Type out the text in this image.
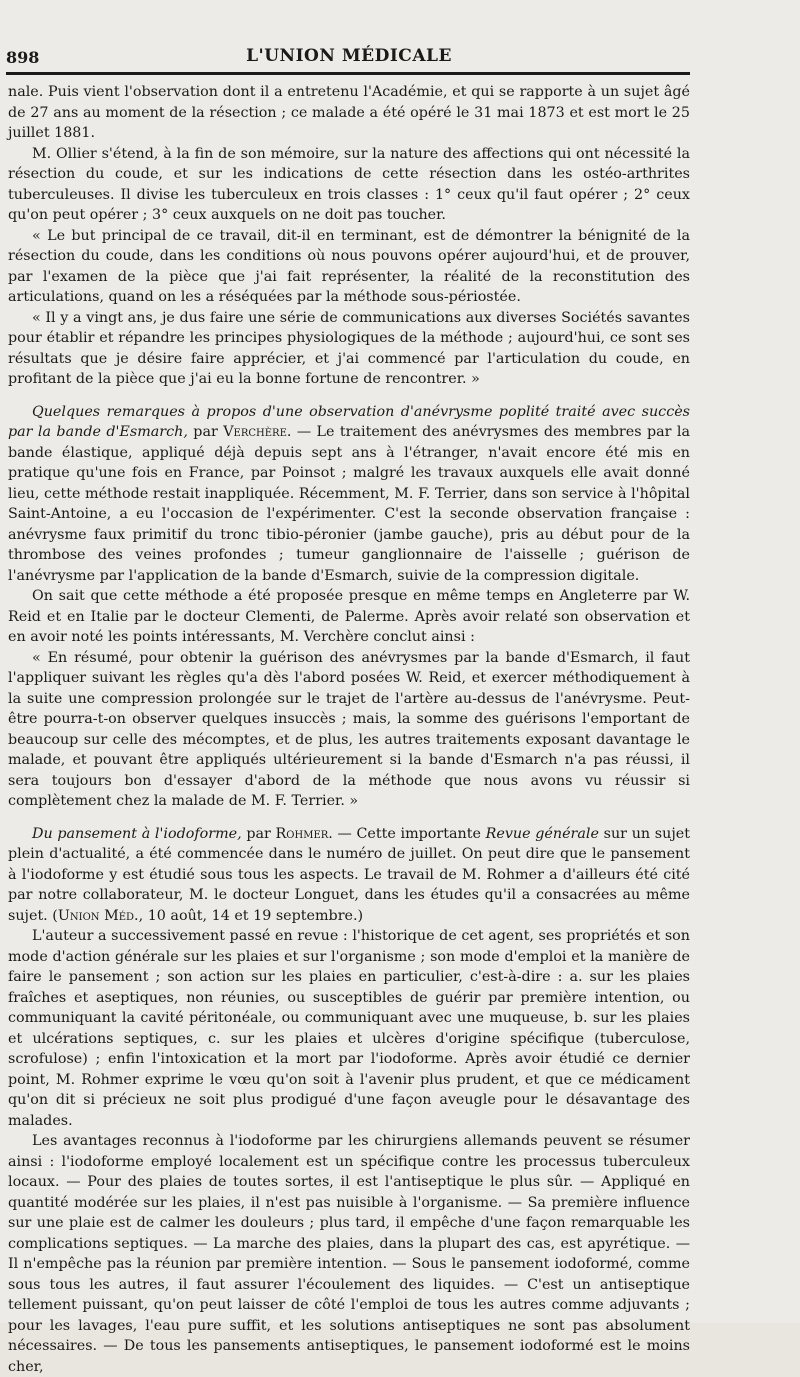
898	L'UNION MÉDICALE

nale. Puis vient l'observation dont il a entretenu l'Académie, et qui se rapporte à un sujet âgé de 27 ans au moment de la résection ; ce malade a été opéré le 31 mai 1873 et est mort le 25 juillet 1881.

M. Ollier s'étend, à la fin de son mémoire, sur la nature des affections qui ont nécessité la résection du coude, et sur les indications de cette résection dans les ostéo-arthrites tuberculeuses. Il divise les tuberculeux en trois classes : 1° ceux qu'il faut opérer ; 2° ceux qu'on peut opérer ; 3° ceux auxquels on ne doit pas toucher.

« Le but principal de ce travail, dit-il en terminant, est de démontrer la bénignité de la résection du coude, dans les conditions où nous pouvons opérer aujourd'hui, et de prouver, par l'examen de la pièce que j'ai fait représenter, la réalité de la reconstitution des articulations, quand on les a réséquées par la méthode sous-périostée.

« Il y a vingt ans, je dus faire une série de communications aux diverses Sociétés savantes pour établir et répandre les principes physiologiques de la méthode ; aujourd'hui, ce sont ses résultats que je désire faire apprécier, et j'ai commencé par l'articulation du coude, en profitant de la pièce que j'ai eu la bonne fortune de rencontrer. »

Quelques remarques à propos d'une observation d'anévrysme poplité traité avec succès par la bande d'Esmarch, par Verchère. — Le traitement des anévrysmes des membres par la bande élastique, appliqué déjà depuis sept ans à l'étranger, n'avait encore été mis en pratique qu'une fois en France, par Poinsot ; malgré les travaux auxquels elle avait donné lieu, cette méthode restait inappliquée. Récemment, M. F. Terrier, dans son service à l'hôpital Saint-Antoine, a eu l'occasion de l'expérimenter. C'est la seconde observation française : anévrysme faux primitif du tronc tibio-péronier (jambe gauche), pris au début pour de la thrombose des veines profondes ; tumeur ganglionnaire de l'aisselle ; guérison de l'anévrysme par l'application de la bande d'Esmarch, suivie de la compression digitale.

On sait que cette méthode a été proposée presque en même temps en Angleterre par W. Reid et en Italie par le docteur Clementi, de Palerme. Après avoir relaté son observation et en avoir noté les points intéressants, M. Verchère conclut ainsi :

« En résumé, pour obtenir la guérison des anévrysmes par la bande d'Esmarch, il faut l'appliquer suivant les règles qu'a dès l'abord posées W. Reid, et exercer méthodiquement à la suite une compression prolongée sur le trajet de l'artère au-dessus de l'anévrysme. Peut-être pourra-t-on observer quelques insuccès ; mais, la somme des guérisons l'emportant de beaucoup sur celle des mécomptes, et de plus, les autres traitements exposant davantage le malade, et pouvant être appliqués ultérieurement si la bande d'Esmarch n'a pas réussi, il sera toujours bon d'essayer d'abord de la méthode que nous avons vu réussir si complètement chez la malade de M. F. Terrier. »

Du pansement à l'iodoforme, par Rohmer. — Cette importante Revue générale sur un sujet plein d'actualité, a été commencée dans le numéro de juillet. On peut dire que le pansement à l'iodoforme y est étudié sous tous les aspects. Le travail de M. Rohmer a d'ailleurs été cité par notre collaborateur, M. le docteur Longuet, dans les études qu'il a consacrées au même sujet. (Union Méd., 10 août, 14 et 19 septembre.)

L'auteur a successivement passé en revue : l'historique de cet agent, ses propriétés et son mode d'action générale sur les plaies et sur l'organisme ; son mode d'emploi et la manière de faire le pansement ; son action sur les plaies en particulier, c'est-à-dire : a. sur les plaies fraîches et aseptiques, non réunies, ou susceptibles de guérir par première intention, ou communiquant la cavité péritonéale, ou communiquant avec une muqueuse, b. sur les plaies et ulcérations septiques, c. sur les plaies et ulcères d'origine spécifique (tuberculose, scrofulose) ; enfin l'intoxication et la mort par l'iodoforme. Après avoir étudié ce dernier point, M. Rohmer exprime le vœu qu'on soit à l'avenir plus prudent, et que ce médicament qu'on dit si précieux ne soit plus prodigué d'une façon aveugle pour le désavantage des malades.

Les avantages reconnus à l'iodoforme par les chirurgiens allemands peuvent se résumer ainsi : l'iodoforme employé localement est un spécifique contre les processus tuberculeux locaux. — Pour des plaies de toutes sortes, il est l'antiseptique le plus sûr. — Appliqué en quantité modérée sur les plaies, il n'est pas nuisible à l'organisme. — Sa première influence sur une plaie est de calmer les douleurs ; plus tard, il empêche d'une façon remarquable les complications septiques. — La marche des plaies, dans la plupart des cas, est apyrétique. — Il n'empêche pas la réunion par première intention. — Sous le pansement iodoformé, comme sous tous les autres, il faut assurer l'écoulement des liquides. — C'est un antiseptique tellement puissant, qu'on peut laisser de côté l'emploi de tous les autres comme adjuvants ; pour les lavages, l'eau pure suffit, et les solutions antiseptiques ne sont pas absolument nécessaires. — De tous les pansements antiseptiques, le pansement iodoformé est le moins cher,
